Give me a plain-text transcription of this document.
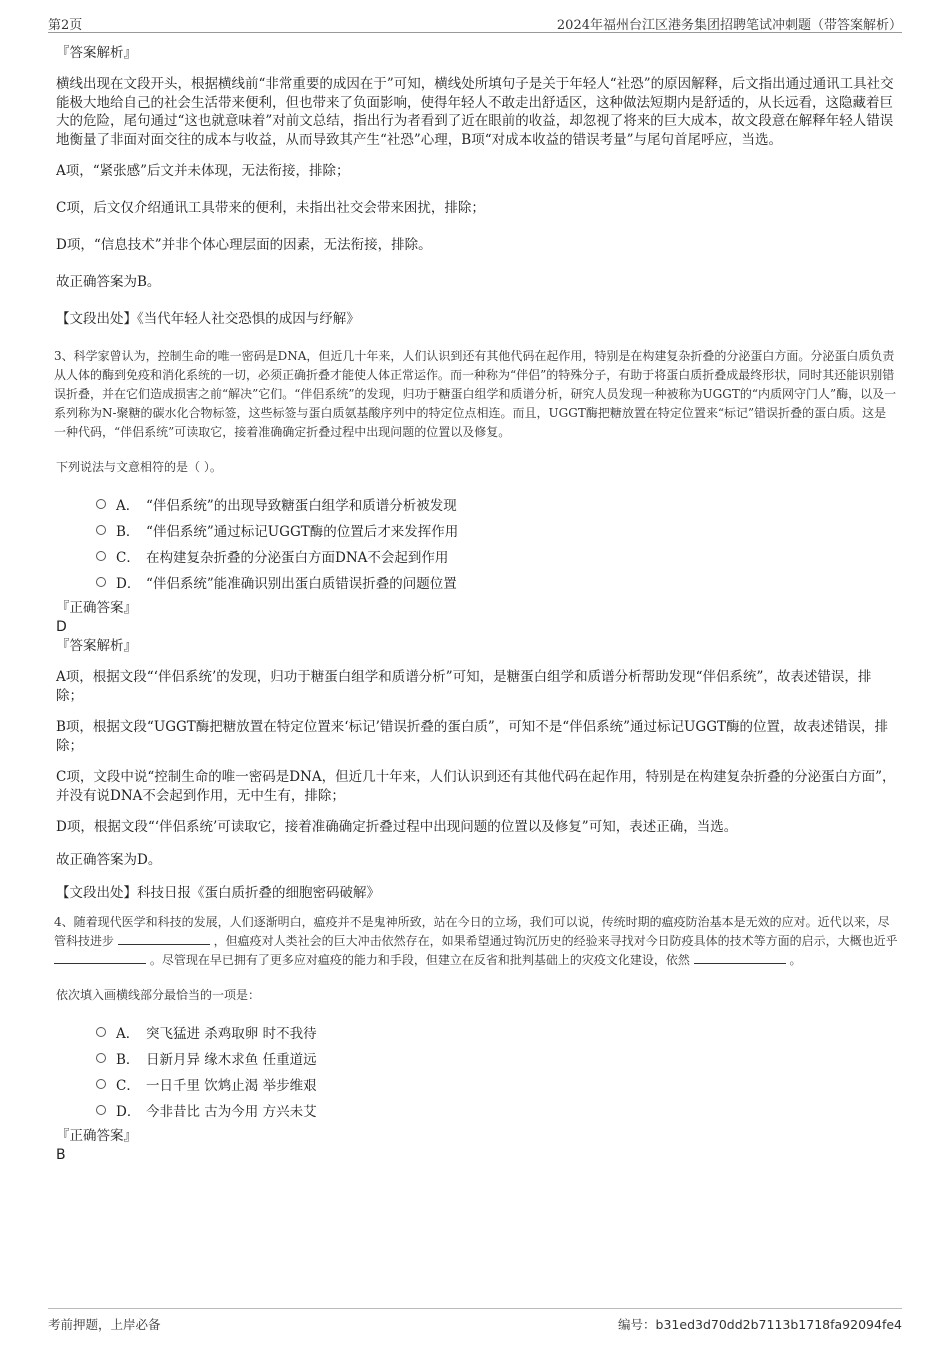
第2页	2024年福州台江区港务集团招聘笔试冲刺题（带答案解析）

『答案解析』

横线出现在文段开头，根据横线前“非常重要的成因在于”可知，横线处所填句子是关于年轻人“社恐”的原因解释，后文指出通过通讯工具社交能极大地给自己的社会生活带来便利，但也带来了负面影响，使得年轻人不敢走出舒适区，这种做法短期内是舒适的，从长远看，这隐藏着巨大的危险，尾句通过“这也就意味着”对前文总结，指出行为者看到了近在眼前的收益，却忽视了将来的巨大成本，故文段意在解释年轻人错误地衡量了非面对面交往的成本与收益，从而导致其产生“社恐”心理，B项“对成本收益的错误考量”与尾句首尾呼应，当选。

A项，“紧张感”后文并未体现，无法衔接，排除；

C项，后文仅介绍通讯工具带来的便利，未指出社交会带来困扰，排除；

D项，“信息技术”并非个体心理层面的因素，无法衔接，排除。

故正确答案为B。

【文段出处】《当代年轻人社交恐惧的成因与纾解》

3、科学家曾认为，控制生命的唯一密码是DNA，但近几十年来，人们认识到还有其他代码在起作用，特别是在构建复杂折叠的分泌蛋白方面。分泌蛋白质负责从人体的酶到免疫和消化系统的一切，必须正确折叠才能使人体正常运作。而一种称为“伴侣”的特殊分子，有助于将蛋白质折叠成最终形状，同时其还能识别错误折叠，并在它们造成损害之前“解决”它们。“伴侣系统”的发现，归功于糖蛋白组学和质谱分析，研究人员发现一种被称为UGGT的“内质网守门人”酶，以及一系列称为N-聚糖的碳水化合物标签，这些标签与蛋白质氨基酸序列中的特定位点相连。而且，UGGT酶把糖放置在特定位置来“标记”错误折叠的蛋白质。这是一种代码，“伴侣系统”可读取它，接着准确确定折叠过程中出现问题的位置以及修复。

下列说法与文意相符的是（ ）。

A． “伴侣系统”的出现导致糖蛋白组学和质谱分析被发现
B． “伴侣系统”通过标记UGGT酶的位置后才来发挥作用
C． 在构建复杂折叠的分泌蛋白方面DNA不会起到作用
D． “伴侣系统”能准确识别出蛋白质错误折叠的问题位置

『正确答案』

D

『答案解析』

A项，根据文段“‘伴侣系统’的发现，归功于糖蛋白组学和质谱分析”可知，是糖蛋白组学和质谱分析帮助发现“伴侣系统”，故表述错误，排除；

B项，根据文段“UGGT酶把糖放置在特定位置来‘标记’错误折叠的蛋白质”，可知不是“伴侣系统”通过标记UGGT酶的位置，故表述错误，排除；

C项，文段中说“控制生命的唯一密码是DNA，但近几十年来，人们认识到还有其他代码在起作用，特别是在构建复杂折叠的分泌蛋白方面”，并没有说DNA不会起到作用，无中生有，排除；

D项，根据文段“‘伴侣系统’可读取它，接着准确确定折叠过程中出现问题的位置以及修复”可知，表述正确，当选。

故正确答案为D。

【文段出处】科技日报《蛋白质折叠的细胞密码破解》

4、随着现代医学和科技的发展，人们逐渐明白，瘟疫并不是鬼神所致，站在今日的立场，我们可以说，传统时期的瘟疫防治基本是无效的应对。近代以来，尽管科技进步	，但瘟疫对人类社会的巨大冲击依然存在，如果希望通过钩沉历史的经验来寻找对今日防疫具体的技术等方面的启示，大概也近乎  。尽管现在早已拥有了更多应对瘟疫的能力和手段，但建立在反省和批判基础上的灾疫文化建设，依然	。

依次填入画横线部分最恰当的一项是：

A． 突飞猛进 杀鸡取卵 时不我待
B． 日新月异 缘木求鱼 任重道远
C． 一日千里 饮鸩止渴 举步维艰
D． 今非昔比 古为今用 方兴未艾

『正确答案』

B

考前押题，上岸必备	编号：b31ed3d70dd2b7113b1718fa92094fe4
